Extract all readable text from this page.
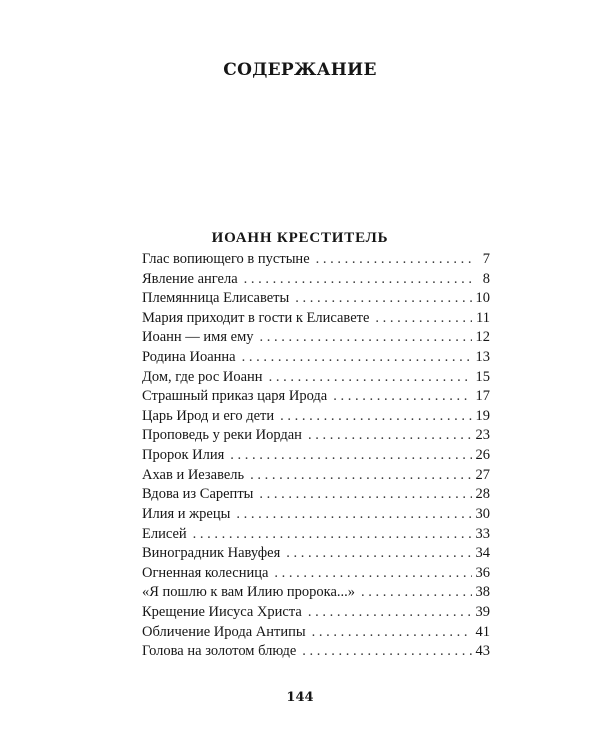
СОДЕРЖАНИЕ
ИОАНН КРЕСТИТЕЛЬ
Глас вопиющего в пустыне . . .	7
Явление ангела . . .	8
Племянница Елисаветы . . .	10
Мария приходит в гости к Елисавете . . .	11
Иоанн — имя ему . . .	12
Родина Иоанна . . .	13
Дом, где рос Иоанн . . .	15
Страшный приказ царя Ирода . . .	17
Царь Ирод и его дети . . .	19
Проповедь у реки Иордан . . .	23
Пророк Илия . . .	26
Ахав и Иезавель . . .	27
Вдова из Сарепты . . .	28
Илия и жрецы . . .	30
Елисей . . .	33
Виноградник Навуфея . . .	34
Огненная колесница . . .	36
«Я пошлю к вам Илию пророка...» . . .	38
Крещение Иисуса Христа . . .	39
Обличение Ирода Антипы . . .	41
Голова на золотом блюде . . .	43
144
